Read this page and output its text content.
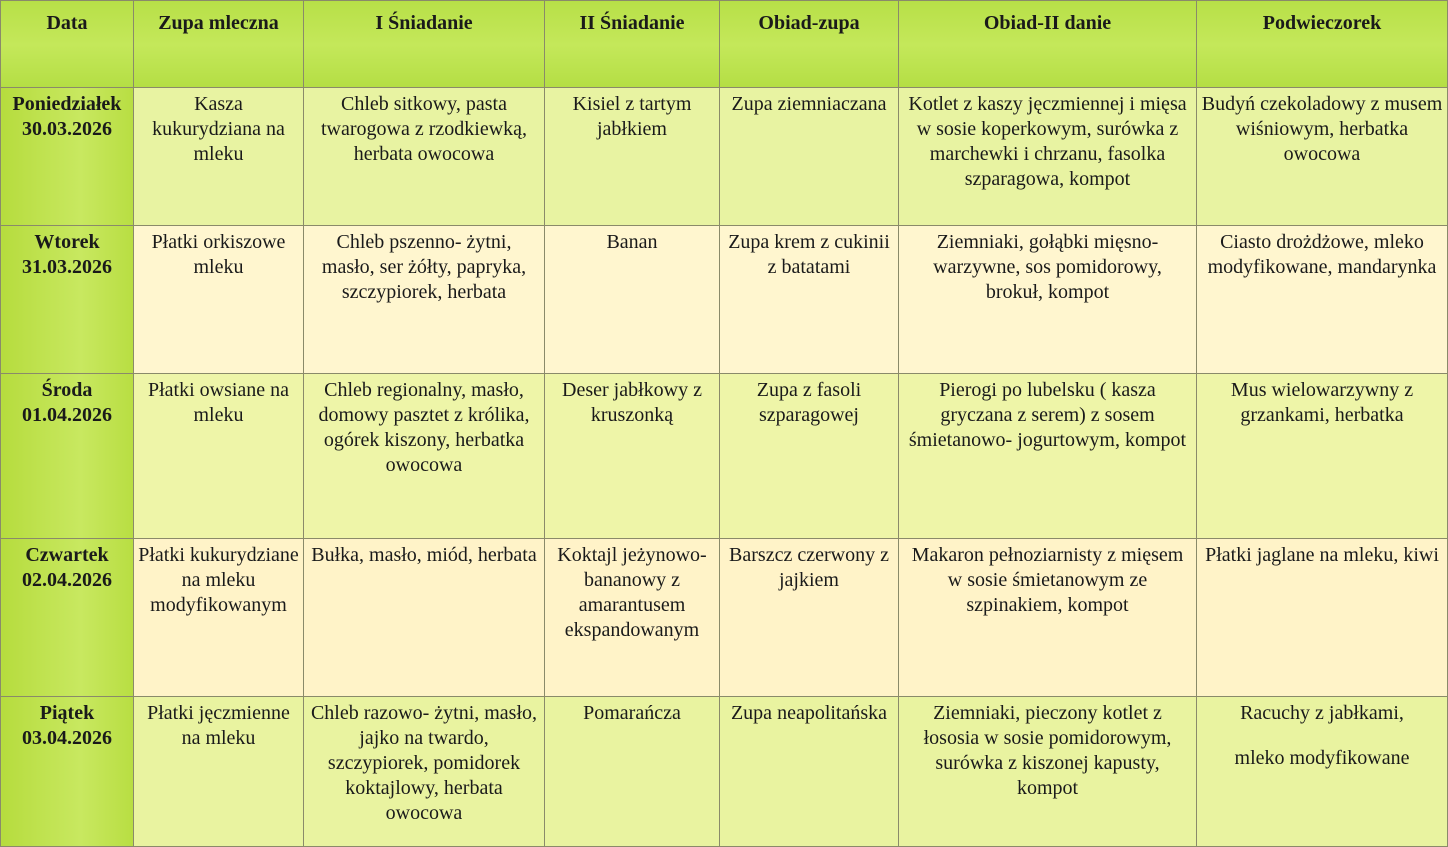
Data	Zupa mleczna	I Śniadanie	II Śniadanie	Obiad-zupa	Obiad-II danie	Podwieczorek

Poniedziałek
30.03.2026	Kasza kukurydziana na mleku	Chleb sitkowy, pasta twarogowa z rzodkiewką, herbata owocowa	Kisiel z tartym jabłkiem	Zupa ziemniaczana	Kotlet z kaszy jęczmiennej i mięsa w sosie koperkowym, surówka z marchewki i chrzanu, fasolka szparagowa, kompot	Budyń czekoladowy z musem wiśniowym, herbatka owocowa

Wtorek
31.03.2026	Płatki orkiszowe mleku	Chleb pszenno- żytni, masło, ser żółty, papryka, szczypiorek, herbata	Banan	Zupa krem z cukinii z batatami	Ziemniaki, gołąbki mięsno-warzywne, sos pomidorowy, brokuł, kompot	Ciasto drożdżowe, mleko modyfikowane, mandarynka

Środa
01.04.2026	Płatki owsiane na mleku	Chleb regionalny, masło, domowy pasztet z królika, ogórek kiszony, herbatka owocowa	Deser jabłkowy z kruszonką	Zupa z fasoli szparagowej	Pierogi po lubelsku ( kasza gryczana z serem) z sosem śmietanowo- jogurtowym, kompot	Mus wielowarzywny z grzankami, herbatka

Czwartek
02.04.2026	Płatki kukurydziane na mleku modyfikowanym	Bułka, masło, miód, herbata	Koktajl jeżynowo-bananowy z amarantusem ekspandowanym	Barszcz czerwony z jajkiem	Makaron pełnoziarnisty z mięsem w sosie śmietanowym ze szpinakiem, kompot	Płatki jaglane na mleku, kiwi

Piątek
03.04.2026	Płatki jęczmienne na mleku	Chleb razowo- żytni, masło, jajko na twardo, szczypiorek, pomidorek koktajlowy, herbata owocowa	Pomarańcza	Zupa neapolitańska	Ziemniaki, pieczony kotlet z łososia w sosie pomidorowym, surówka z kiszonej kapusty, kompot	Racuchy z jabłkami,
mleko modyfikowane
